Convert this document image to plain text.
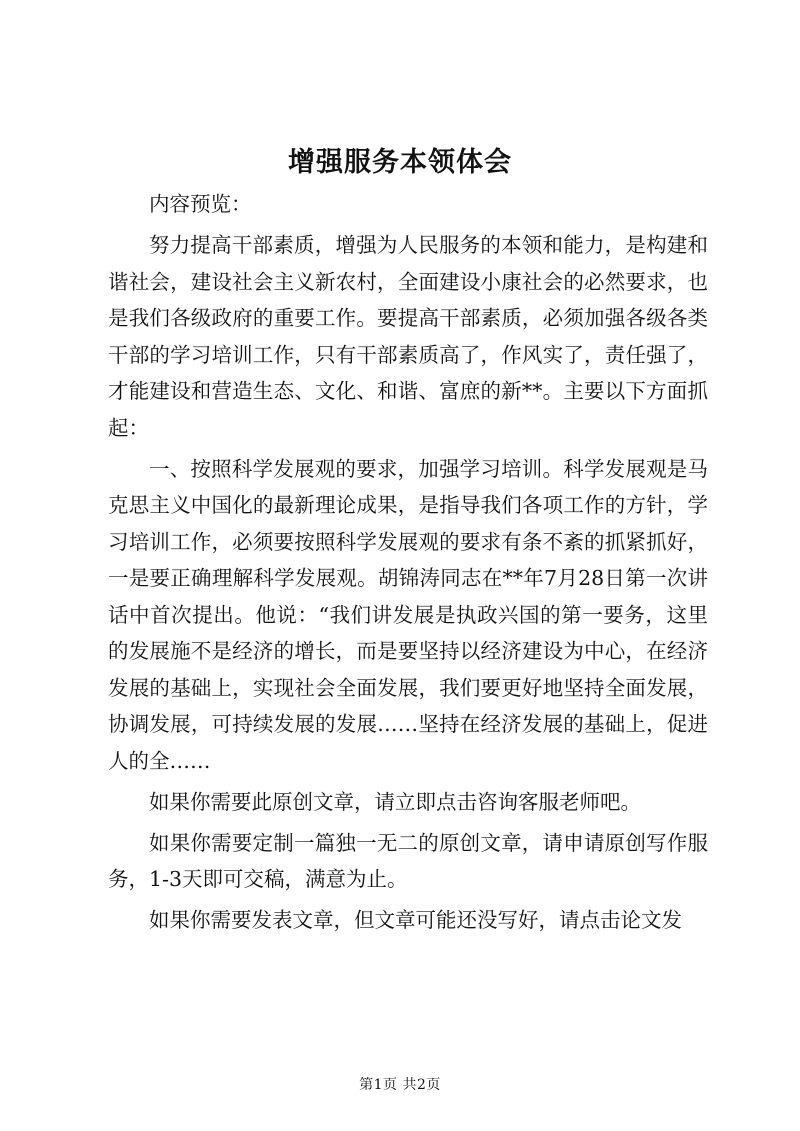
增强服务本领体会

内容预览：

努力提高干部素质，增强为人民服务的本领和能力，是构建和谐社会，建设社会主义新农村，全面建设小康社会的必然要求，也是我们各级政府的重要工作。要提高干部素质，必须加强各级各类干部的学习培训工作，只有干部素质高了，作风实了，责任强了，才能建设和营造生态、文化、和谐、富庶的新**。主要以下方面抓起：

一、按照科学发展观的要求，加强学习培训。科学发展观是马克思主义中国化的最新理论成果，是指导我们各项工作的方针，学习培训工作，必须要按照科学发展观的要求有条不紊的抓紧抓好，一是要正确理解科学发展观。胡锦涛同志在**年7月28日第一次讲话中首次提出。他说：“我们讲发展是执政兴国的第一要务，这里的发展施不是经济的增长，而是要坚持以经济建设为中心，在经济发展的基础上，实现社会全面发展，我们要更好地坚持全面发展，协调发展，可持续发展的发展……坚持在经济发展的基础上，促进人的全……

如果你需要此原创文章，请立即点击咨询客服老师吧。

如果你需要定制一篇独一无二的原创文章，请申请原创写作服务，1-3天即可交稿，满意为止。

如果你需要发表文章，但文章可能还没写好，请点击论文发

第1页 共2页
